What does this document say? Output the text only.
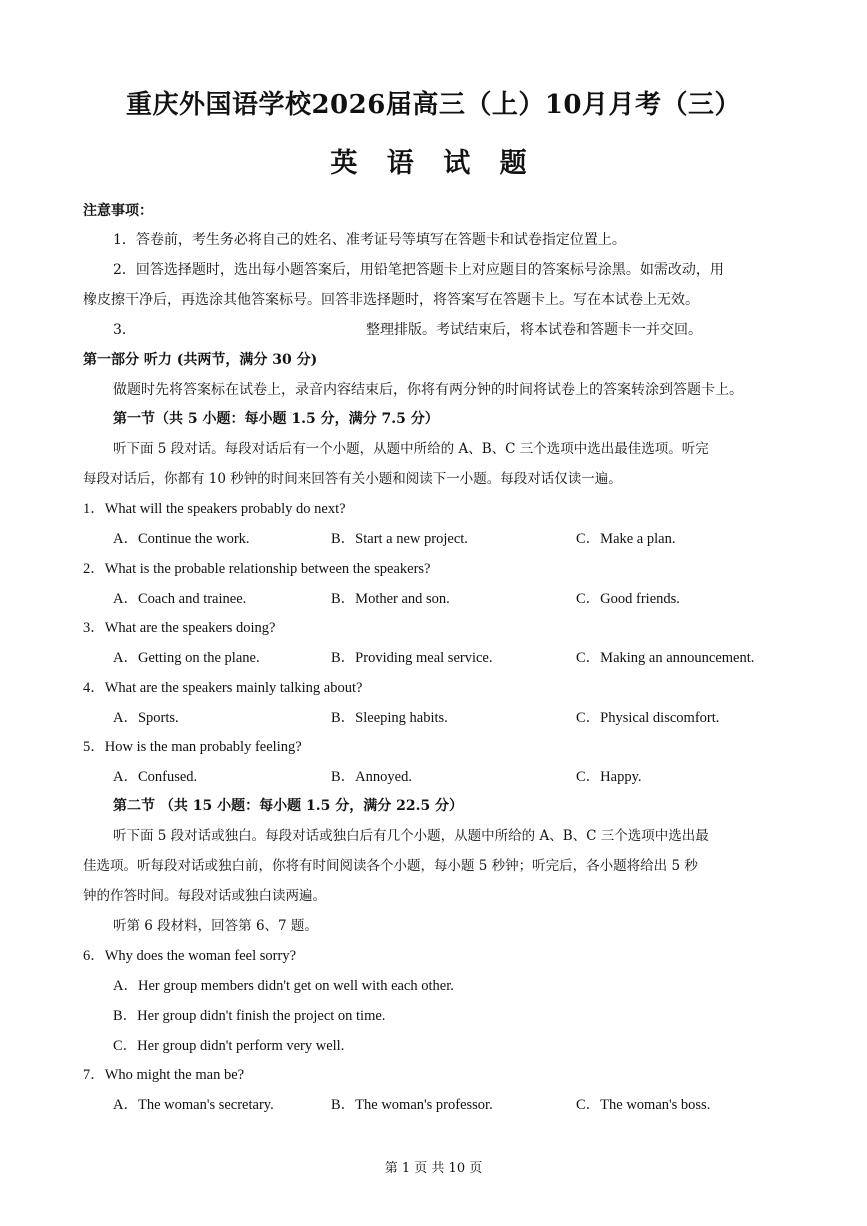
重庆外国语学校2026届高三（上）10月月考（三）
英 语 试 题
注意事项：
1．答卷前，考生务必将自己的姓名、准考证号等填写在答题卡和试卷指定位置上。
2．回答选择题时，选出每小题答案后，用铅笔把答题卡上对应题目的答案标号涂黑。如需改动，用
橡皮擦干净后，再选涂其他答案标号。回答非选择题时，将答案写在答题卡上。写在本试卷上无效。
3．	整理排版。考试结束后，将本试卷和答题卡一并交回。
第一部分 听力 (共两节，满分 30 分)
做题时先将答案标在试卷上，录音内容结束后，你将有两分钟的时间将试卷上的答案转涂到答题卡上。
第一节（共 5 小题：每小题 1.5 分，满分 7.5 分）
听下面 5 段对话。每段对话后有一个小题，从题中所给的 A、B、C 三个选项中选出最佳选项。听完
每段对话后，你都有 10 秒钟的时间来回答有关小题和阅读下一小题。每段对话仅读一遍。
1．What will the speakers probably do next?
A．Continue the work.	B．Start a new project.	C．Make a plan.
2．What is the probable relationship between the speakers?
A．Coach and trainee.	B．Mother and son.	C．Good friends.
3．What are the speakers doing?
A．Getting on the plane.	B．Providing meal service.	C．Making an announcement.
4．What are the speakers mainly talking about?
A．Sports.	B．Sleeping habits.	C．Physical discomfort.
5．How is the man probably feeling?
A．Confused.	B．Annoyed.	C．Happy.
第二节 （共 15 小题：每小题 1.5 分，满分 22.5 分）
听下面 5 段对话或独白。每段对话或独白后有几个小题，从题中所给的 A、B、C 三个选项中选出最
佳选项。听每段对话或独白前，你将有时间阅读各个小题，每小题 5 秒钟；听完后，各小题将给出 5 秒
钟的作答时间。每段对话或独白读两遍。
听第 6 段材料，回答第 6、7 题。
6．Why does the woman feel sorry?
A．Her group members didn't get on well with each other.
B．Her group didn't finish the project on time.
C．Her group didn't perform very well.
7．Who might the man be?
A．The woman's secretary.	B．The woman's professor.	C．The woman's boss.
第 1 页 共 10 页
